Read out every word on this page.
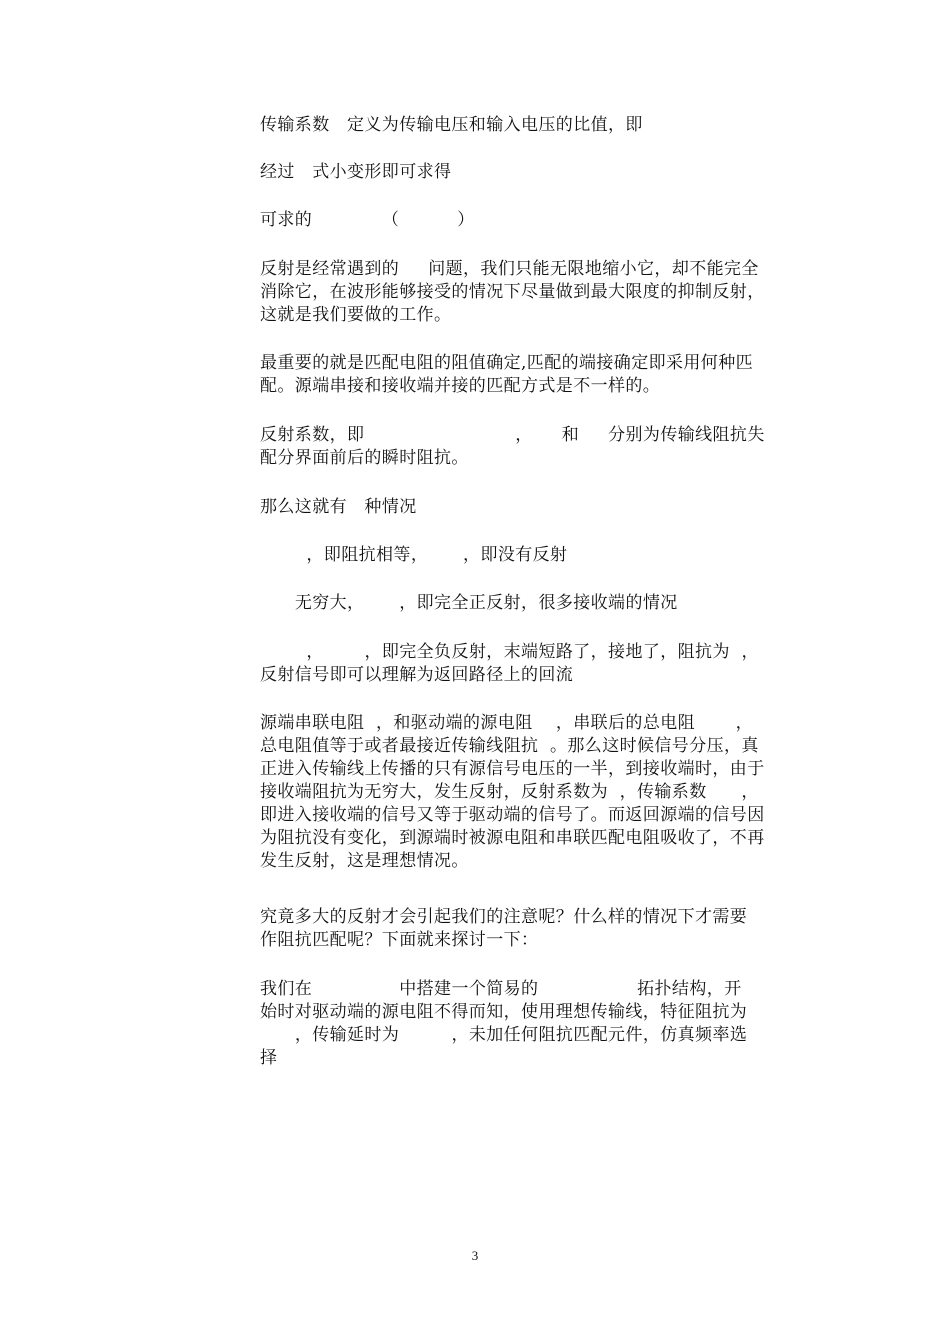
传输系数   定义为传输电压和输入电压的比值，即
经过   式小变形即可求得
可求的            （          ）
反射是经常遇到的     问题，我们只能无限地缩小它，却不能完全
消除它，在波形能够接受的情况下尽量做到最大限度的抑制反射，
这就是我们要做的工作。
最重要的就是匹配电阻的阻值确定,匹配的端接确定即采用何种匹
配。源端串接和接收端并接的匹配方式是不一样的。
反射系数，即                          ，     和     分别为传输线阻抗失
配分界面前后的瞬时阻抗。
那么这就有   种情况
，即阻抗相等，      ，即没有反射
无穷大，      ，即完全正反射，很多接收端的情况
，       ，即完全负反射，末端短路了，接地了，阻抗为  ，
反射信号即可以理解为返回路径上的回流
源端串联电阻  ，和驱动端的源电阻    ，串联后的总电阻       ，
总电阻值等于或者最接近传输线阻抗  。那么这时候信号分压，真
正进入传输线上传播的只有源信号电压的一半，到接收端时，由于
接收端阻抗为无穷大，发生反射，反射系数为  ，传输系数      ，
即进入接收端的信号又等于驱动端的信号了。而返回源端的信号因
为阻抗没有变化，到源端时被源电阻和串联匹配电阻吸收了，不再
发生反射，这是理想情况。
究竟多大的反射才会引起我们的注意呢？什么样的情况下才需要
作阻抗匹配呢？下面就来探讨一下：
我们在               中搭建一个简易的                 拓扑结构，开
始时对驱动端的源电阻不得而知，使用理想传输线，特征阻抗为
，传输延时为         ，未加任何阻抗匹配元件，仿真频率选
择
3
